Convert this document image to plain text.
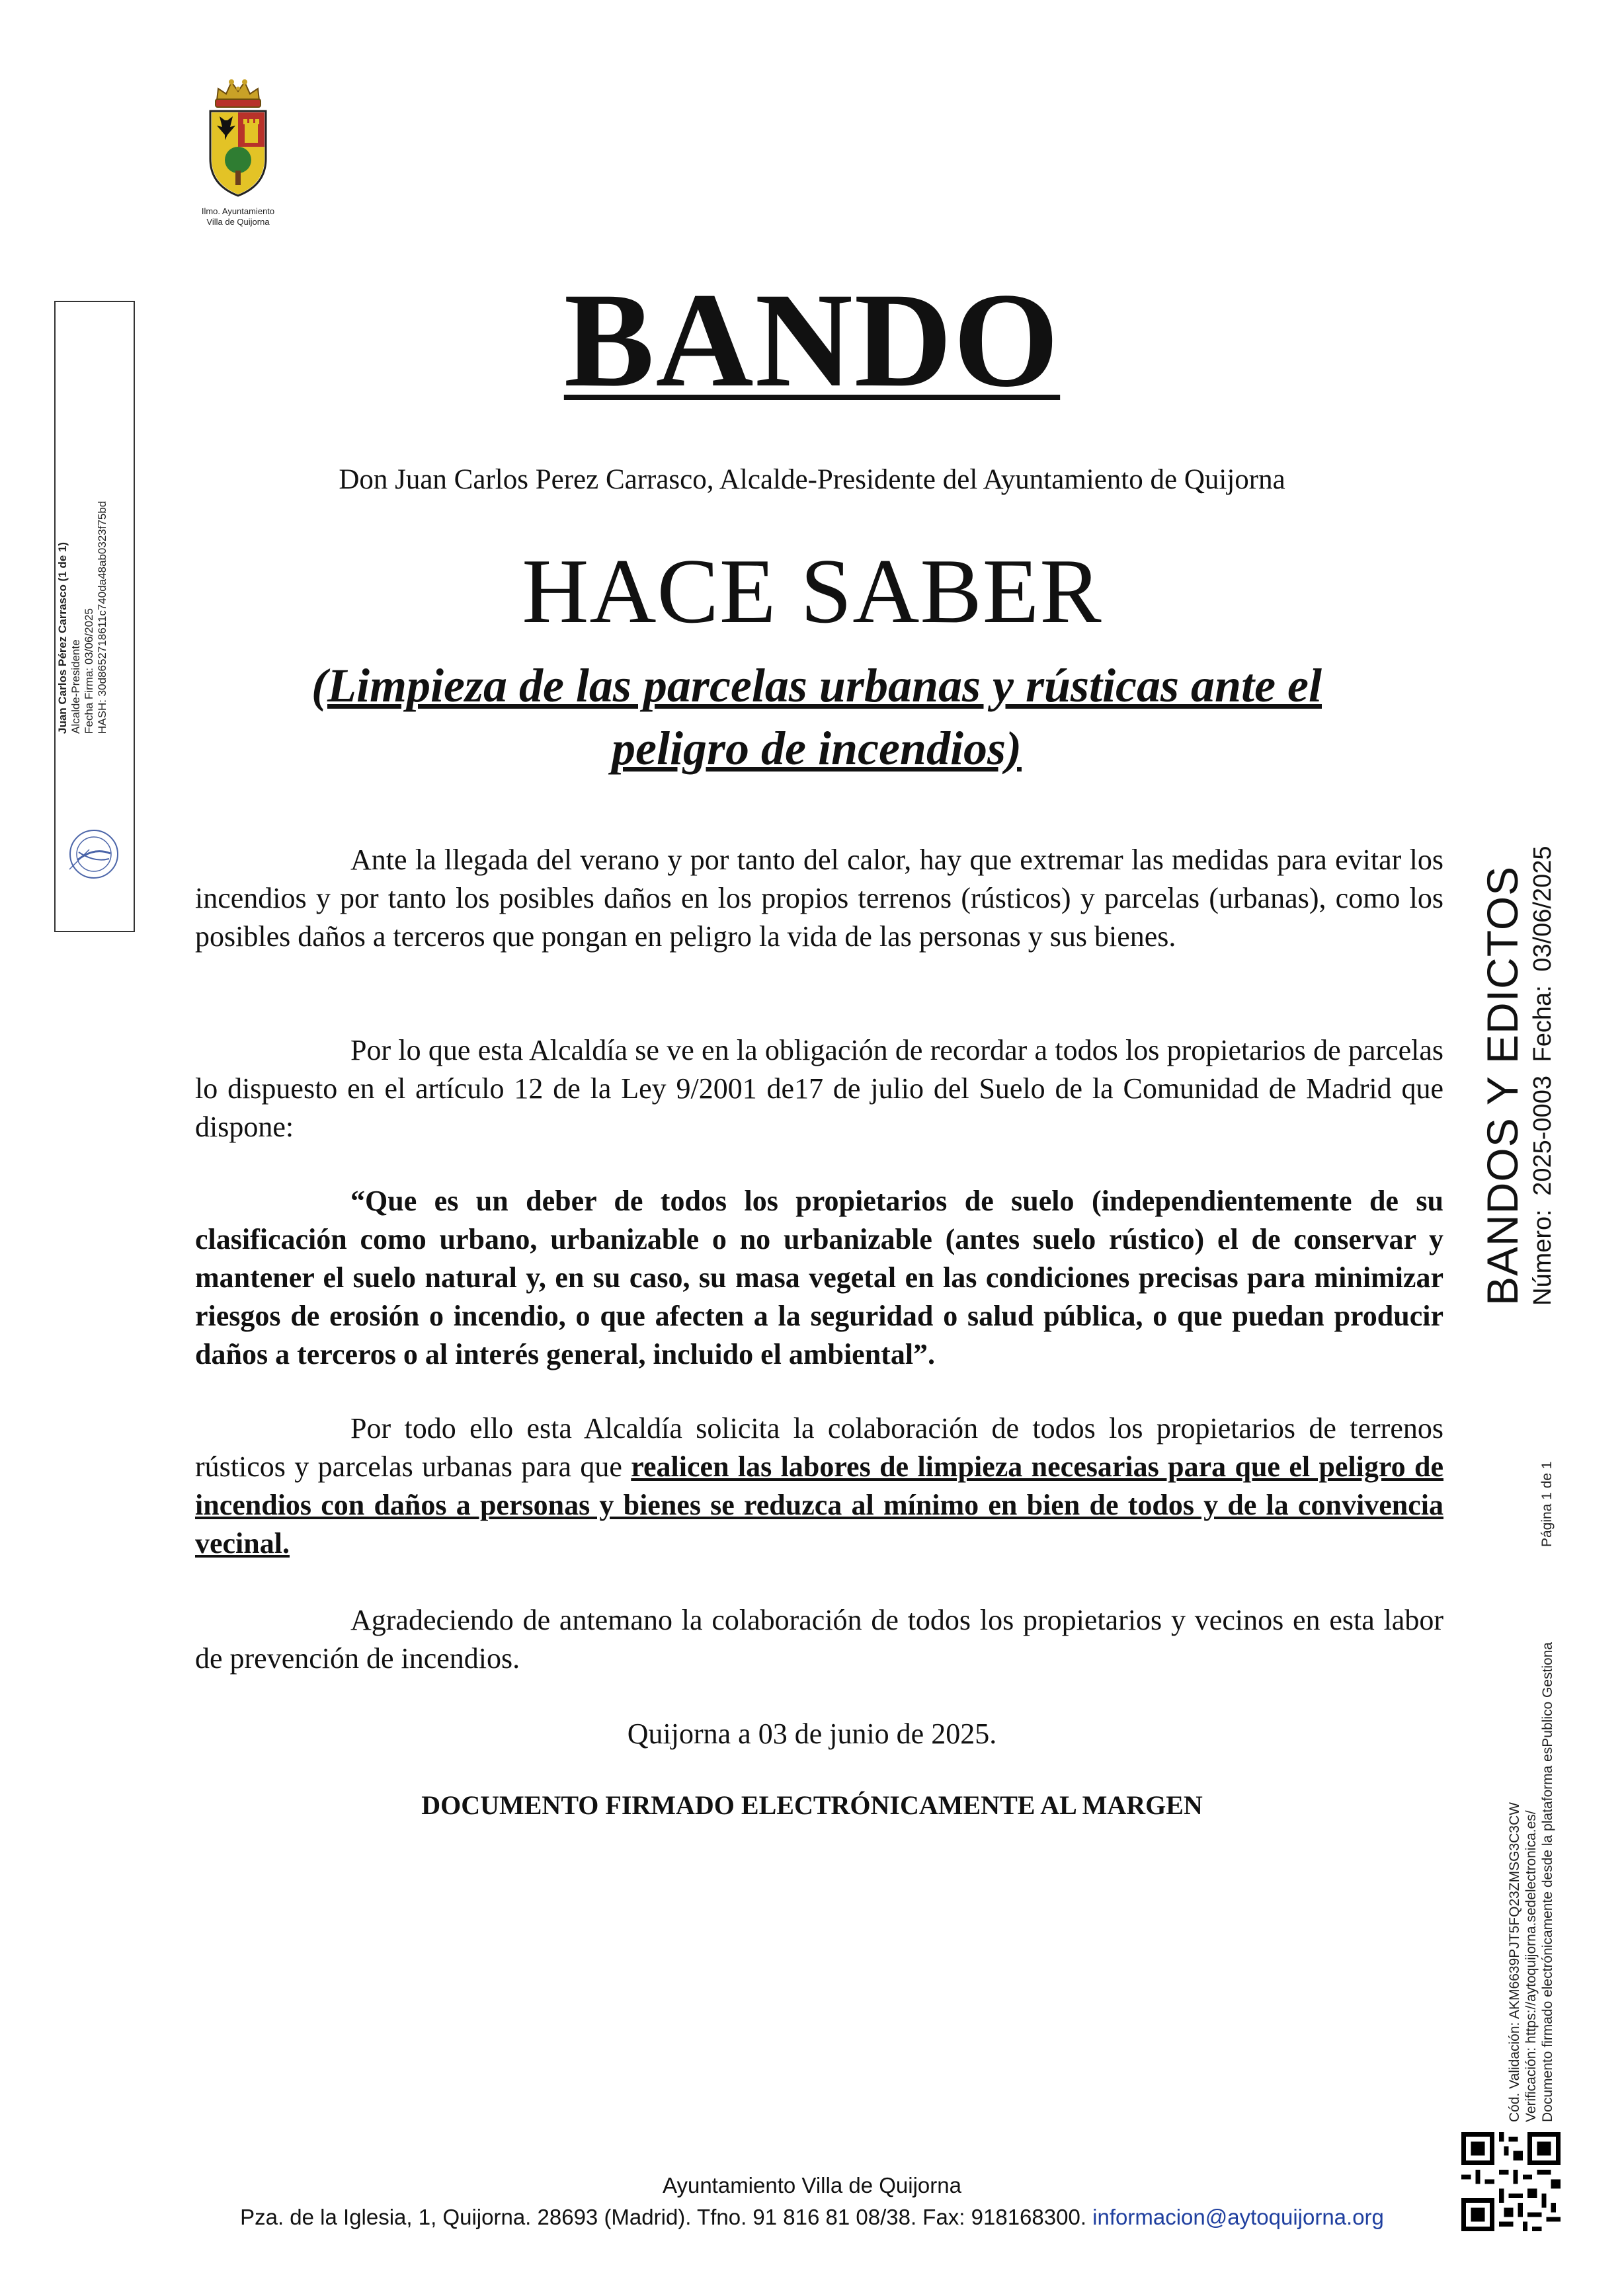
Ilmo. Ayuntamiento
Villa de Quijorna
Juan Carlos Pérez Carrasco (1 de 1) Alcalde-Presidente Fecha Firma: 03/06/2025 HASH: 30d8652718611c740da48ab0323f75bd
BANDO
Don Juan Carlos Perez Carrasco, Alcalde-Presidente del Ayuntamiento de Quijorna
HACE SABER
(Limpieza de las parcelas urbanas y rústicas ante el peligro de incendios)
Ante la llegada del verano y por tanto del calor, hay que extremar las medidas para evitar los incendios y por tanto los posibles daños en los propios terrenos (rústicos) y parcelas (urbanas), como los posibles daños a terceros que pongan en peligro la vida de las personas y sus bienes.
Por lo que esta Alcaldía se ve en la obligación de recordar a todos los propietarios de parcelas lo dispuesto en el artículo 12 de la Ley 9/2001 de17 de julio del Suelo de la Comunidad de Madrid que dispone:
“Que es un deber de todos los propietarios de suelo (independientemente de su clasificación como urbano, urbanizable o no urbanizable (antes suelo rústico) el de conservar y mantener el suelo natural y, en su caso, su masa vegetal en las condiciones precisas para minimizar riesgos de erosión o incendio, o que afecten a la seguridad o salud pública, o que puedan producir daños a terceros o al interés general, incluido el ambiental”.
Por todo ello esta Alcaldía solicita la colaboración de todos los propietarios de terrenos rústicos y parcelas urbanas para que realicen las labores de limpieza necesarias para que el peligro de incendios con daños a personas y bienes se reduzca al mínimo en bien de todos y de la convivencia vecinal.
Agradeciendo de antemano la colaboración de todos los propietarios y vecinos en esta labor de prevención de incendios.
Quijorna a 03 de junio de 2025.
DOCUMENTO FIRMADO ELECTRÓNICAMENTE AL MARGEN
BANDOS Y EDICTOS Número: 2025-0003 Fecha: 03/06/2025
Cód. Validación: AKM6639PJT5FQ23ZMSG3C3CW Verificación: https://aytoquijorna.sedelectronica.es/ Documento firmado electrónicamente desde la plataforma esPublico Gestiona
Página 1 de 1
Ayuntamiento Villa de Quijorna
Pza. de la Iglesia, 1, Quijorna. 28693 (Madrid). Tfno. 91 816 81 08/38. Fax: 918168300. informacion@aytoquijorna.org
